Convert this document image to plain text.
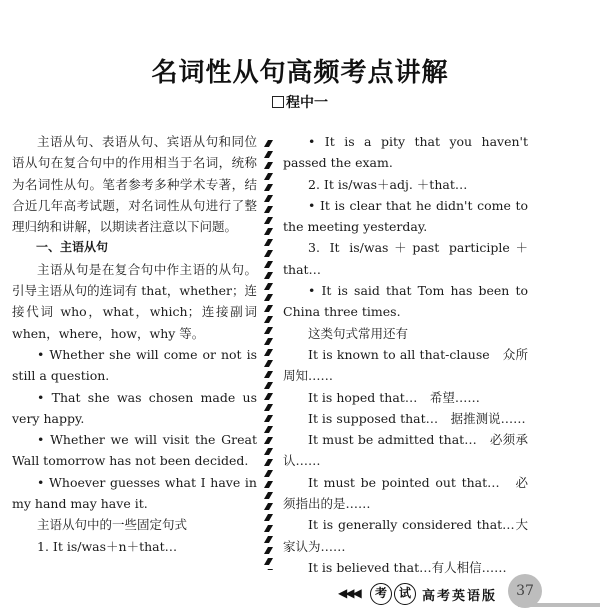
名词性从句高频考点讲解
程中一

主语从句、表语从句、宾语从句和同位语从句在复合句中的作用相当于名词，统称为名词性从句。笔者参考多种学术专著，结合近几年高考试题，对名词性从句进行了整理归纳和讲解，以期读者注意以下问题。

一、主语从句

主语从句是在复合句中作主语的从句。引导主语从句的连词有 that，whether；连接代词 who，what，which；连接副词 when，where，how，why 等。

• Whether she will come or not is still a question.

• That she was chosen made us very happy.

• Whether we will visit the Great Wall tomorrow has not been decided.

• Whoever guesses what I have in my hand may have it.

主语从句中的一些固定句式

1. It is/was＋n＋that…

• It is a pity that you haven't passed the exam.

2. It is/was＋adj. ＋that…

• It is clear that he didn't come to the meeting yesterday.

3. It is/was＋past participle＋that…

• It is said that Tom has been to China three times.

这类句式常用还有

It is known to all that-clause　众所周知……

It is hoped that…　希望……

It is supposed that…　据推测说……

It must be admitted that…　必须承认……

It must be pointed out that…　必须指出的是……

It is generally considered that…大家认为……

It is believed that…有人相信……

◀◀◀	考 试 高考英语版	37
